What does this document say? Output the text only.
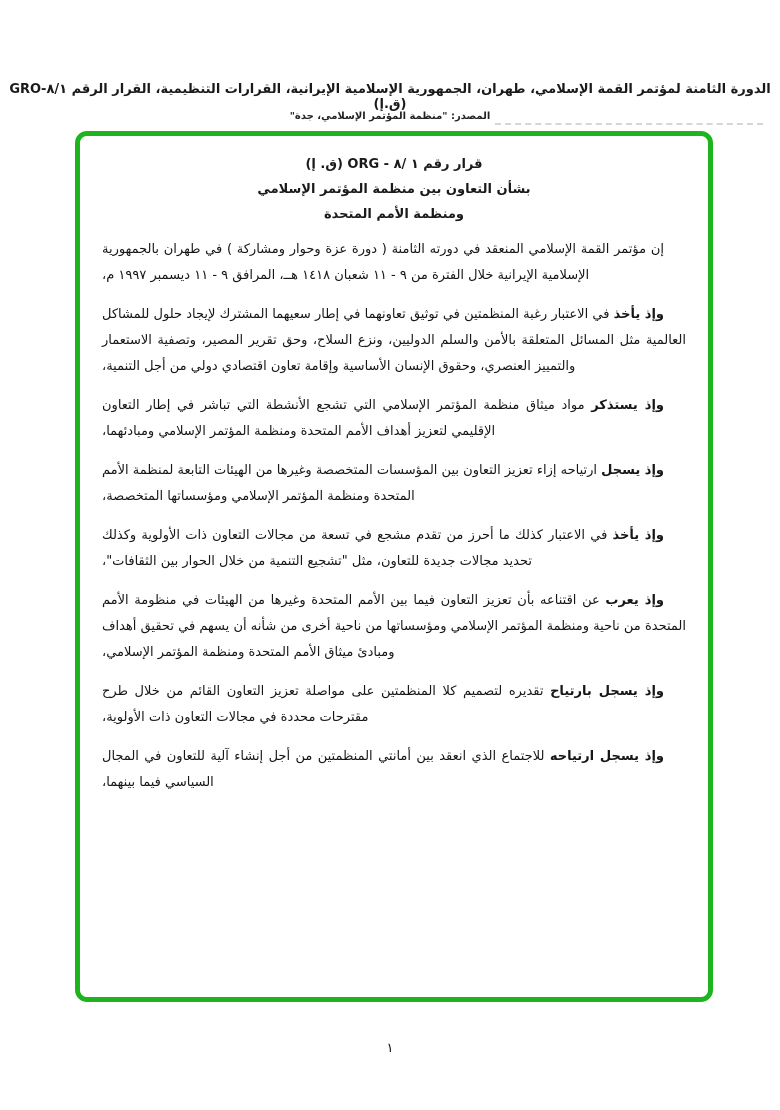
الدورة الثامنة لمؤتمر القمة الإسلامي، طهران، الجمهورية الإسلامية الإيرانية، القرارات التنظيمية، القرار الرقم ٨/١-GRO (ق.إ)
المصدر: "منظمة المؤتمر الإسلامي، جدة"
قرار رقم ١ /٨ - ORG (ق. إ)
بشأن التعاون بين منظمة المؤتمر الإسلامي
ومنظمة الأمم المتحدة

إن مؤتمر القمة الإسلامي المنعقد في دورته الثامنة ( دورة عزة وحوار ومشاركة ) في طهران بالجمهورية الإسلامية الإيرانية خلال الفترة من ٩ - ١١ شعبان ١٤١٨ هــ، المرافق ٩ - ١١ ديسمبر ١٩٩٧ م،

وإذ يأخذ في الاعتبار رغبة المنظمتين في توثيق تعاونهما في إطار سعيهما المشترك لإيجاد حلول للمشاكل العالمية مثل المسائل المتعلقة بالأمن والسلم الدوليين، ونزع السلاح، وحق تقرير المصير، وتصفية الاستعمار والتمييز العنصري، وحقوق الإنسان الأساسية وإقامة تعاون اقتصادي دولي من أجل التنمية،

وإذ يستذكر مواد ميثاق منظمة المؤتمر الإسلامي التي تشجع الأنشطة التي تباشر في إطار التعاون الإقليمي لتعزيز أهداف الأمم المتحدة ومنظمة المؤتمر الإسلامي ومبادئهما،

وإذ يسجل ارتياحه إزاء تعزيز التعاون بين المؤسسات المتخصصة وغيرها من الهيئات التابعة لمنظمة الأمم المتحدة ومنظمة المؤتمر الإسلامي ومؤسساتها المتخصصة،

وإذ يأخذ في الاعتبار كذلك ما أحرز من تقدم مشجع في تسعة من مجالات التعاون ذات الأولوية وكذلك تحديد مجالات جديدة للتعاون، مثل "تشجيع التنمية من خلال الحوار بين الثقافات"،

وإذ يعرب عن اقتناعه بأن تعزيز التعاون فيما بين الأمم المتحدة وغيرها من الهيئات في منظومة الأمم المتحدة من ناحية ومنظمة المؤتمر الإسلامي ومؤسساتها من ناحية أخرى من شأنه أن يسهم في تحقيق أهداف ومبادئ ميثاق الأمم المتحدة ومنظمة المؤتمر الإسلامي،

وإذ يسجل بارتياح تقديره لتصميم كلا المنظمتين على مواصلة تعزيز التعاون القائم من خلال طرح مقترحات محددة في مجالات التعاون ذات الأولوية،

وإذ يسجل ارتياحه للاجتماع الذي انعقد بين أمانتي المنظمتين من أجل إنشاء آلية للتعاون في المجال السياسي فيما بينهما،

١
